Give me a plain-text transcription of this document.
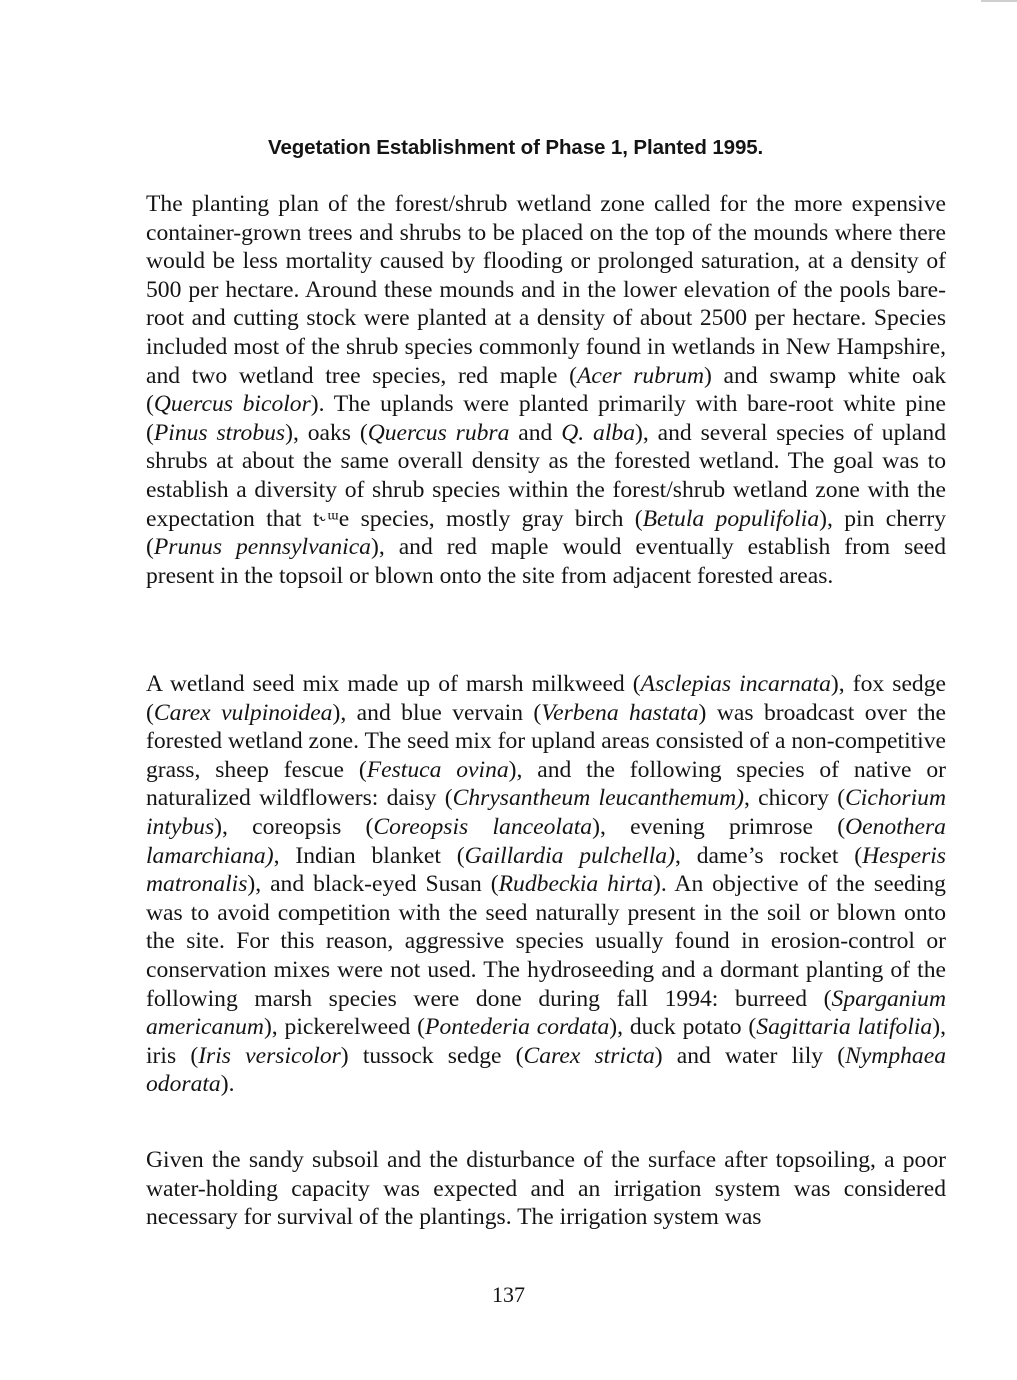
Vegetation Establishment of Phase 1, Planted 1995.

The planting plan of the forest/shrub wetland zone called for the more expensive container-grown trees and shrubs to be placed on the top of the mounds where there would be less mortality caused by flooding or prolonged saturation, at a density of 500 per hectare. Around these mounds and in the lower elevation of the pools bare-root and cutting stock were planted at a density of about 2500 per hectare. Species included most of the shrub species commonly found in wetlands in New Hampshire, and two wetland tree species, red maple (Acer rubrum) and swamp white oak (Quercus bicolor). The uplands were planted primarily with bare-root white pine (Pinus strobus), oaks (Quercus rubra and Q. alba), and several species of upland shrubs at about the same overall density as the forested wetland. The goal was to establish a diversity of shrub species within the forest/shrub wetland zone with the expectation that t˞ᵚe species, mostly gray birch (Betula populifolia), pin cherry (Prunus pennsylvanica), and red maple would eventually establish from seed present in the topsoil or blown onto the site from adjacent forested areas.

A wetland seed mix made up of marsh milkweed (Asclepias incarnata), fox sedge (Carex vulpinoidea), and blue vervain (Verbena hastata) was broadcast over the forested wetland zone. The seed mix for upland areas consisted of a non-competitive grass, sheep fescue (Festuca ovina), and the following species of native or naturalized wildflowers: daisy (Chrysantheum leucanthemum), chicory (Cichorium intybus), coreopsis (Coreopsis lanceolata), evening primrose (Oenothera lamarchiana), Indian blanket (Gaillardia pulchella), dame’s rocket (Hesperis matronalis), and black-eyed Susan (Rudbeckia hirta). An objective of the seeding was to avoid competition with the seed naturally present in the soil or blown onto the site. For this reason, aggressive species usually found in erosion-control or conservation mixes were not used. The hydroseeding and a dormant planting of the following marsh species were done during fall 1994: burreed (Sparganium americanum), pickerelweed (Pontederia cordata), duck potato (Sagittaria latifolia), iris (Iris versicolor) tussock sedge (Carex stricta) and water lily (Nymphaea odorata).

Given the sandy subsoil and the disturbance of the surface after topsoiling, a poor water-holding capacity was expected and an irrigation system was considered necessary for survival of the plantings. The irrigation system was

137
